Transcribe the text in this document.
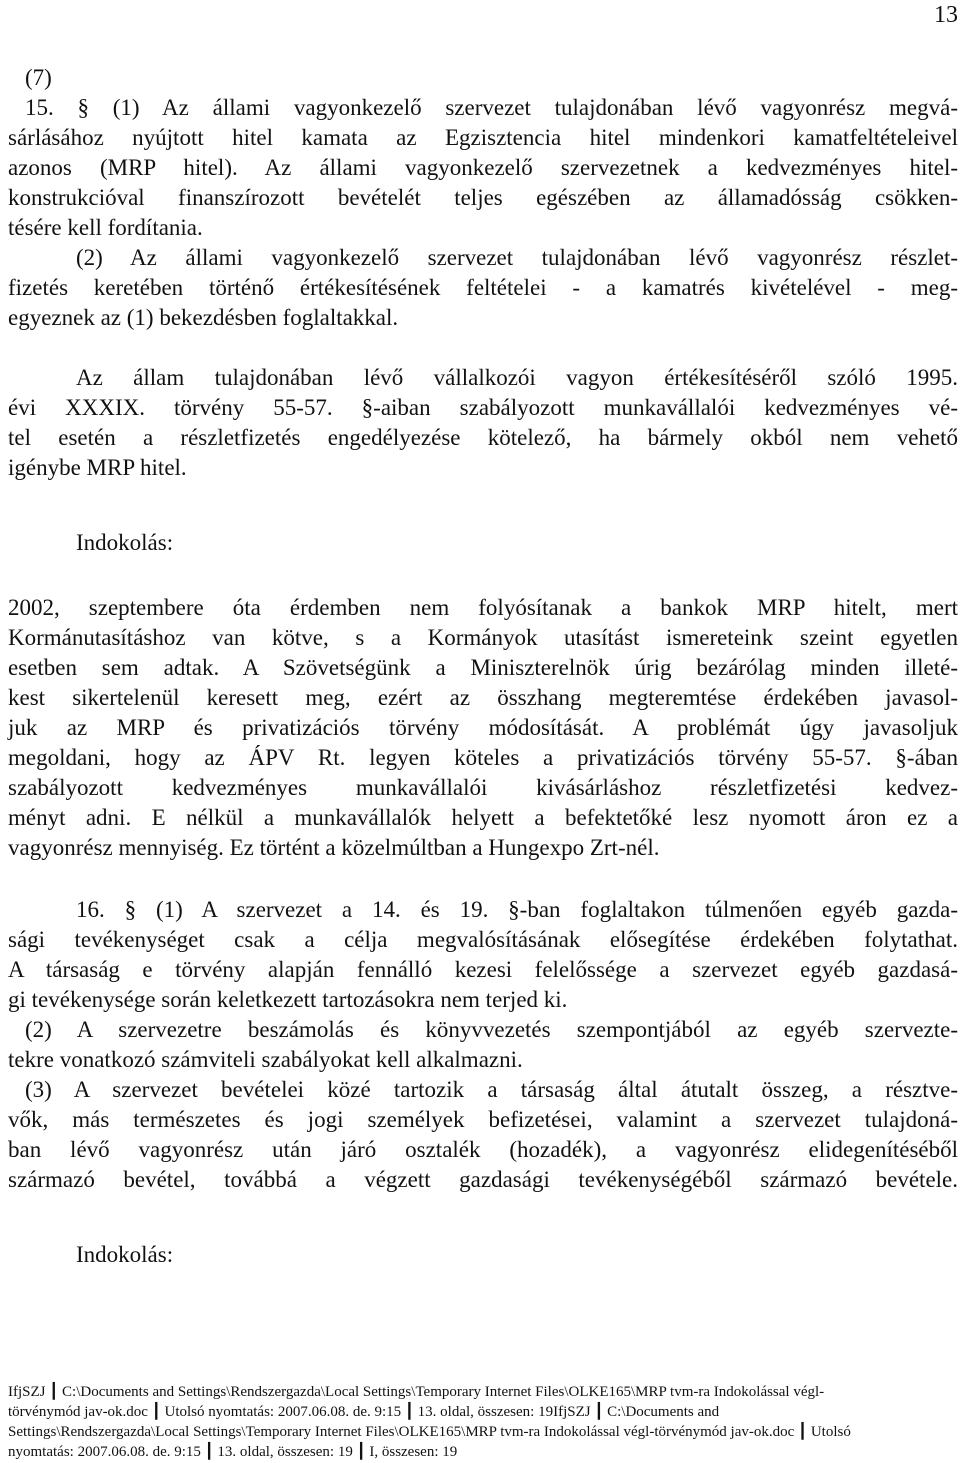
13
(7)
15. § (1) Az állami vagyonkezelő szervezet tulajdonában lévő vagyonrész megvá-
sárlásához nyújtott hitel kamata az Egzisztencia hitel mindenkori kamatfeltételeivel
azonos (MRP hitel). Az állami vagyonkezelő szervezetnek a kedvezményes hitel-
konstrukcióval finanszírozott bevételét teljes egészében az államadósság csökken-
tésére kell fordítania.
(2) Az állami vagyonkezelő szervezet tulajdonában lévő vagyonrész részlet-
fizetés keretében történő értékesítésének feltételei - a kamatrés kivételével - meg-
egyeznek az (1) bekezdésben foglaltakkal.
Az állam tulajdonában lévő vállalkozói vagyon értékesítéséről szóló 1995.
évi XXXIX. törvény 55-57. §-aiban szabályozott munkavállalói kedvezményes vé-
tel esetén a részletfizetés engedélyezése kötelező, ha bármely okból nem vehető
igénybe MRP hitel.
Indokolás:
2002, szeptembere óta érdemben nem folyósítanak a bankok MRP hitelt, mert
Kormánutasításhoz van kötve, s a Kormányok utasítást ismereteink szeint egyetlen
esetben sem adtak. A Szövetségünk a Miniszterelnök úrig bezárólag minden illeté-
kest sikertelenül keresett meg, ezért az összhang megteremtése érdekében javasol-
juk az MRP és privatizációs törvény módosítását. A problémát úgy javasoljuk
megoldani, hogy az ÁPV Rt. legyen köteles a privatizációs törvény 55-57. §-ában
szabályozott kedvezményes munkavállalói kivásárláshoz részletfizetési kedvez-
ményt adni. E nélkül a munkavállalók helyett a befektetőké lesz nyomott áron ez a
vagyonrész mennyiség. Ez történt a közelmúltban a Hungexpo Zrt-nél.
16. § (1) A szervezet a 14. és 19. §-ban foglaltakon túlmenően egyéb gazda-
sági tevékenységet csak a célja megvalósításának elősegítése érdekében folytathat.
A társaság e törvény alapján fennálló kezesi felelőssége a szervezet egyéb gazdasá-
gi tevékenysége során keletkezett tartozásokra nem terjed ki.
(2) A szervezetre beszámolás és könyvvezetés szempontjából az egyéb szervezte-
tekre vonatkozó számviteli szabályokat kell alkalmazni.
(3) A szervezet bevételei közé tartozik a társaság által átutalt összeg, a résztve-
vők, más természetes és jogi személyek befizetései, valamint a szervezet tulajdoná-
ban lévő vagyonrész után járó osztalék (hozadék), a vagyonrész elidegenítéséből
származó bevétel, továbbá a végzett gazdasági tevékenységéből származó bevétele.
Indokolás:
IfjSZJ ┃ C:\Documents and Settings\Rendszergazda\Local Settings\Temporary Internet Files\OLKE165\MRP tvm-ra Indokolással végl-
törvénymód jav-ok.doc ┃ Utolsó nyomtatás: 2007.06.08. de. 9:15 ┃ 13. oldal, összesen: 19IfjSZJ ┃ C:\Documents and
Settings\Rendszergazda\Local Settings\Temporary Internet Files\OLKE165\MRP tvm-ra Indokolással végl-törvénymód jav-ok.doc ┃ Utolsó
nyomtatás: 2007.06.08. de. 9:15 ┃ 13. oldal, összesen: 19 ┃ I, összesen: 19
